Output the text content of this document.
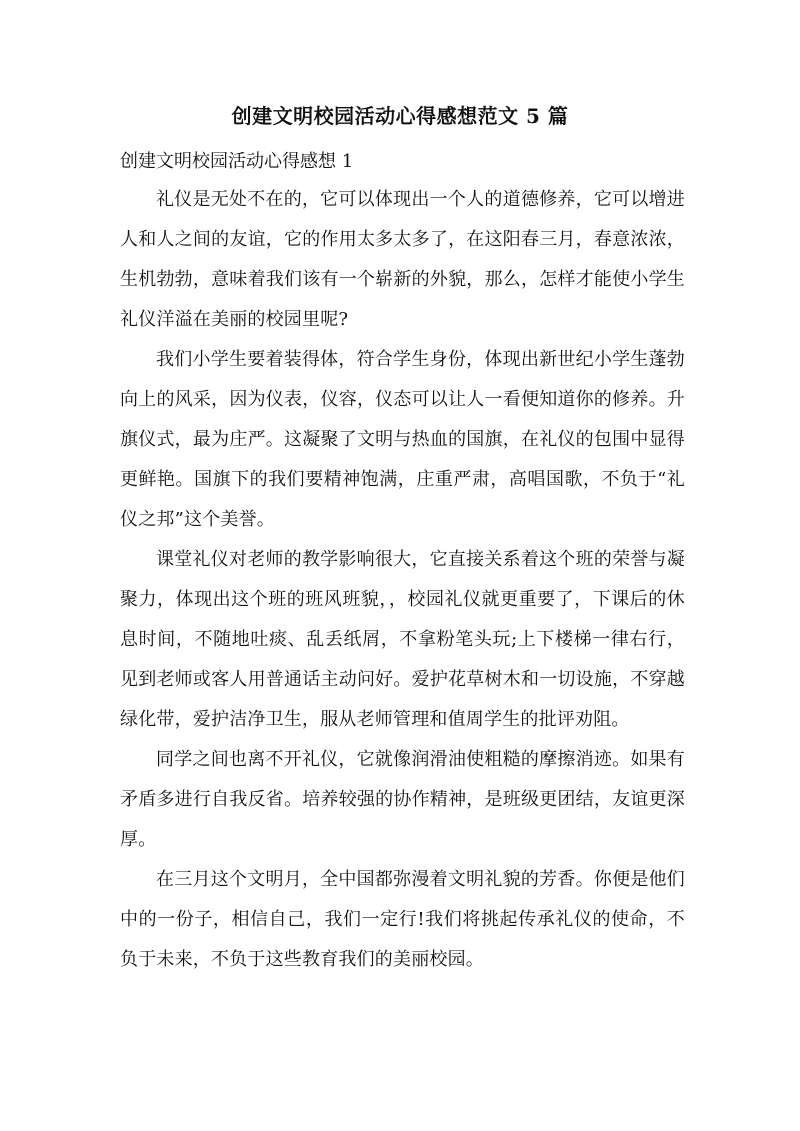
创建文明校园活动心得感想范文 5 篇
创建文明校园活动心得感想 1

礼仪是无处不在的，它可以体现出一个人的道德修养，它可以增进人和人之间的友谊，它的作用太多太多了，在这阳春三月，春意浓浓，生机勃勃，意味着我们该有一个崭新的外貌，那么，怎样才能使小学生礼仪洋溢在美丽的校园里呢?

我们小学生要着装得体，符合学生身份，体现出新世纪小学生蓬勃向上的风采，因为仪表，仪容，仪态可以让人一看便知道你的修养。升旗仪式，最为庄严。这凝聚了文明与热血的国旗，在礼仪的包围中显得更鲜艳。国旗下的我们要精神饱满，庄重严肃，高唱国歌，不负于“礼仪之邦”这个美誉。

课堂礼仪对老师的教学影响很大，它直接关系着这个班的荣誉与凝聚力，体现出这个班的班风班貌，，校园礼仪就更重要了，下课后的休息时间，不随地吐痰、乱丢纸屑，不拿粉笔头玩;上下楼梯一律右行，见到老师或客人用普通话主动问好。爱护花草树木和一切设施，不穿越绿化带，爱护洁净卫生，服从老师管理和值周学生的批评劝阻。

同学之间也离不开礼仪，它就像润滑油使粗糙的摩擦消迹。如果有矛盾多进行自我反省。培养较强的协作精神，是班级更团结，友谊更深厚。

在三月这个文明月，全中国都弥漫着文明礼貌的芳香。你便是他们中的一份子，相信自己，我们一定行!我们将挑起传承礼仪的使命，不负于未来，不负于这些教育我们的美丽校园。
